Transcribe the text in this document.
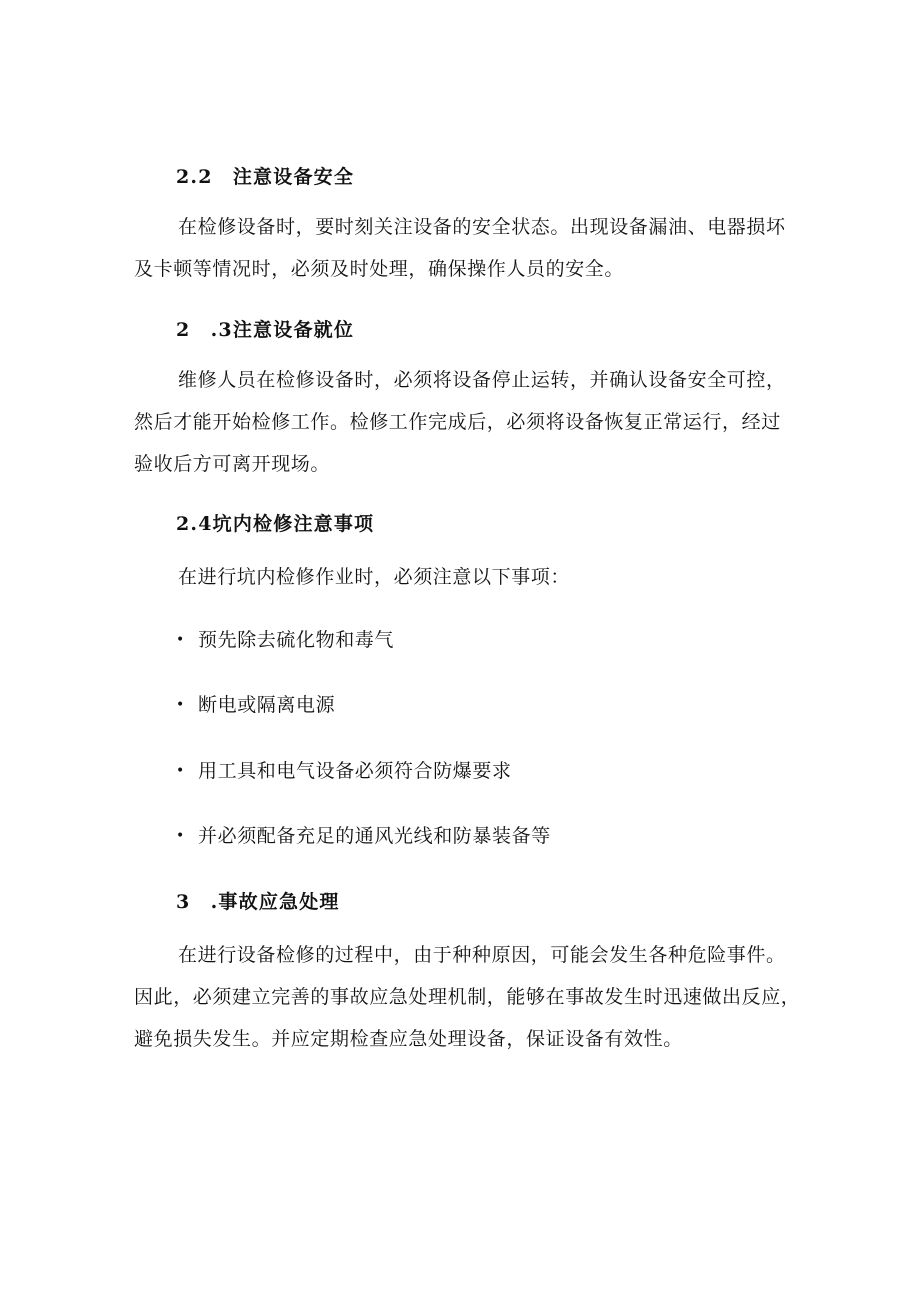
2.2　注意设备安全
在检修设备时，要时刻关注设备的安全状态。出现设备漏油、电器损坏
及卡顿等情况时，必须及时处理，确保操作人员的安全。
2　.3注意设备就位
维修人员在检修设备时，必须将设备停止运转，并确认设备安全可控，
然后才能开始检修工作。检修工作完成后，必须将设备恢复正常运行，经过
验收后方可离开现场。
2.4坑内检修注意事项
在进行坑内检修作业时，必须注意以下事项：
• 预先除去硫化物和毒气
• 断电或隔离电源
• 用工具和电气设备必须符合防爆要求
• 并必须配备充足的通风光线和防暴装备等
3　.事故应急处理
在进行设备检修的过程中，由于种种原因，可能会发生各种危险事件。
因此，必须建立完善的事故应急处理机制，能够在事故发生时迅速做出反应，
避免损失发生。并应定期检查应急处理设备，保证设备有效性。
